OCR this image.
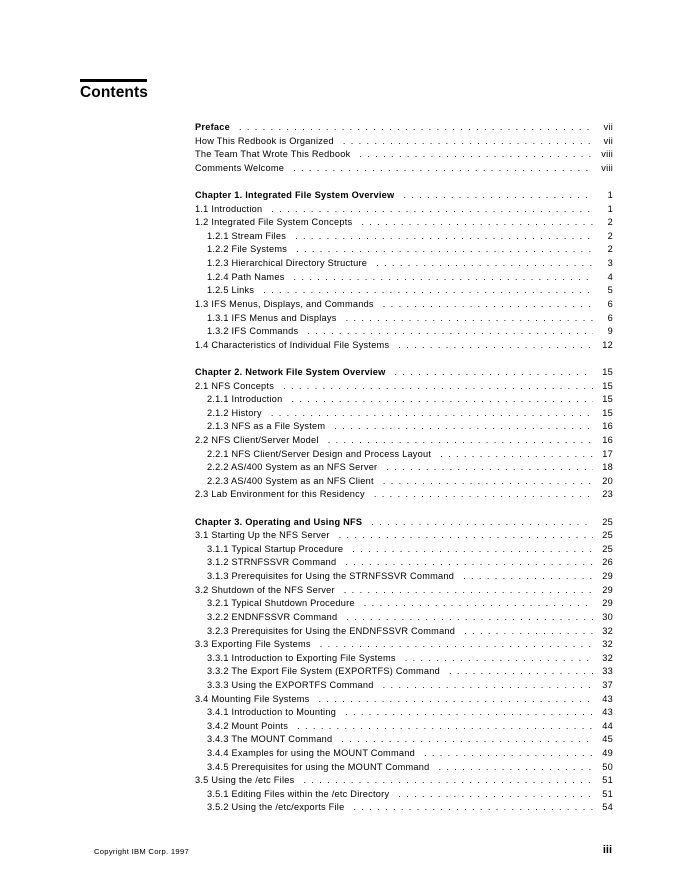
Contents
Preface . . .	vii
How This Redbook is Organized . . .	vii
The Team That Wrote This Redbook . . .	viii
Comments Welcome . . .	viii
Chapter 1. Integrated File System Overview . . .	1
1.1 Introduction . . .	1
1.2 Integrated File System Concepts . . .	2
1.2.1 Stream Files . . .	2
1.2.2 File Systems . . .	2
1.2.3 Hierarchical Directory Structure . . .	3
1.2.4 Path Names . . .	4
1.2.5 Links . . .	5
1.3 IFS Menus, Displays, and Commands . . .	6
1.3.1 IFS Menus and Displays . . .	6
1.3.2 IFS Commands . . .	9
1.4 Characteristics of Individual File Systems . . .	12
Chapter 2. Network File System Overview . . .	15
2.1 NFS Concepts . . .	15
2.1.1 Introduction . . .	15
2.1.2 History . . .	15
2.1.3 NFS as a File System . . .	16
2.2 NFS Client/Server Model . . .	16
2.2.1 NFS Client/Server Design and Process Layout . . .	17
2.2.2 AS/400 System as an NFS Server . . .	18
2.2.3 AS/400 System as an NFS Client . . .	20
2.3 Lab Environment for this Residency . . .	23
Chapter 3. Operating and Using NFS . . .	25
3.1 Starting Up the NFS Server . . .	25
3.1.1 Typical Startup Procedure . . .	25
3.1.2 STRNFSSVR Command . . .	26
3.1.3 Prerequisites for Using the STRNFSSVR Command . . .	29
3.2 Shutdown of the NFS Server . . .	29
3.2.1 Typical Shutdown Procedure . . .	29
3.2.2 ENDNFSSVR Command . . .	30
3.2.3 Prerequisites for Using the ENDNFSSVR Command . . .	32
3.3 Exporting File Systems . . .	32
3.3.1 Introduction to Exporting File Systems . . .	32
3.3.2 The Export File System (EXPORTFS) Command . . .	33
3.3.3 Using the EXPORTFS Command . . .	37
3.4 Mounting File Systems . . .	43
3.4.1 Introduction to Mounting . . .	43
3.4.2 Mount Points . . .	44
3.4.3 The MOUNT Command . . .	45
3.4.4 Examples for using the MOUNT Command . . .	49
3.4.5 Prerequisites for using the MOUNT Command . . .	50
3.5 Using the /etc Files . . .	51
3.5.1 Editing Files within the /etc Directory . . .	51
3.5.2 Using the /etc/exports File . . .	54
Copyright IBM Corp. 1997	iii
